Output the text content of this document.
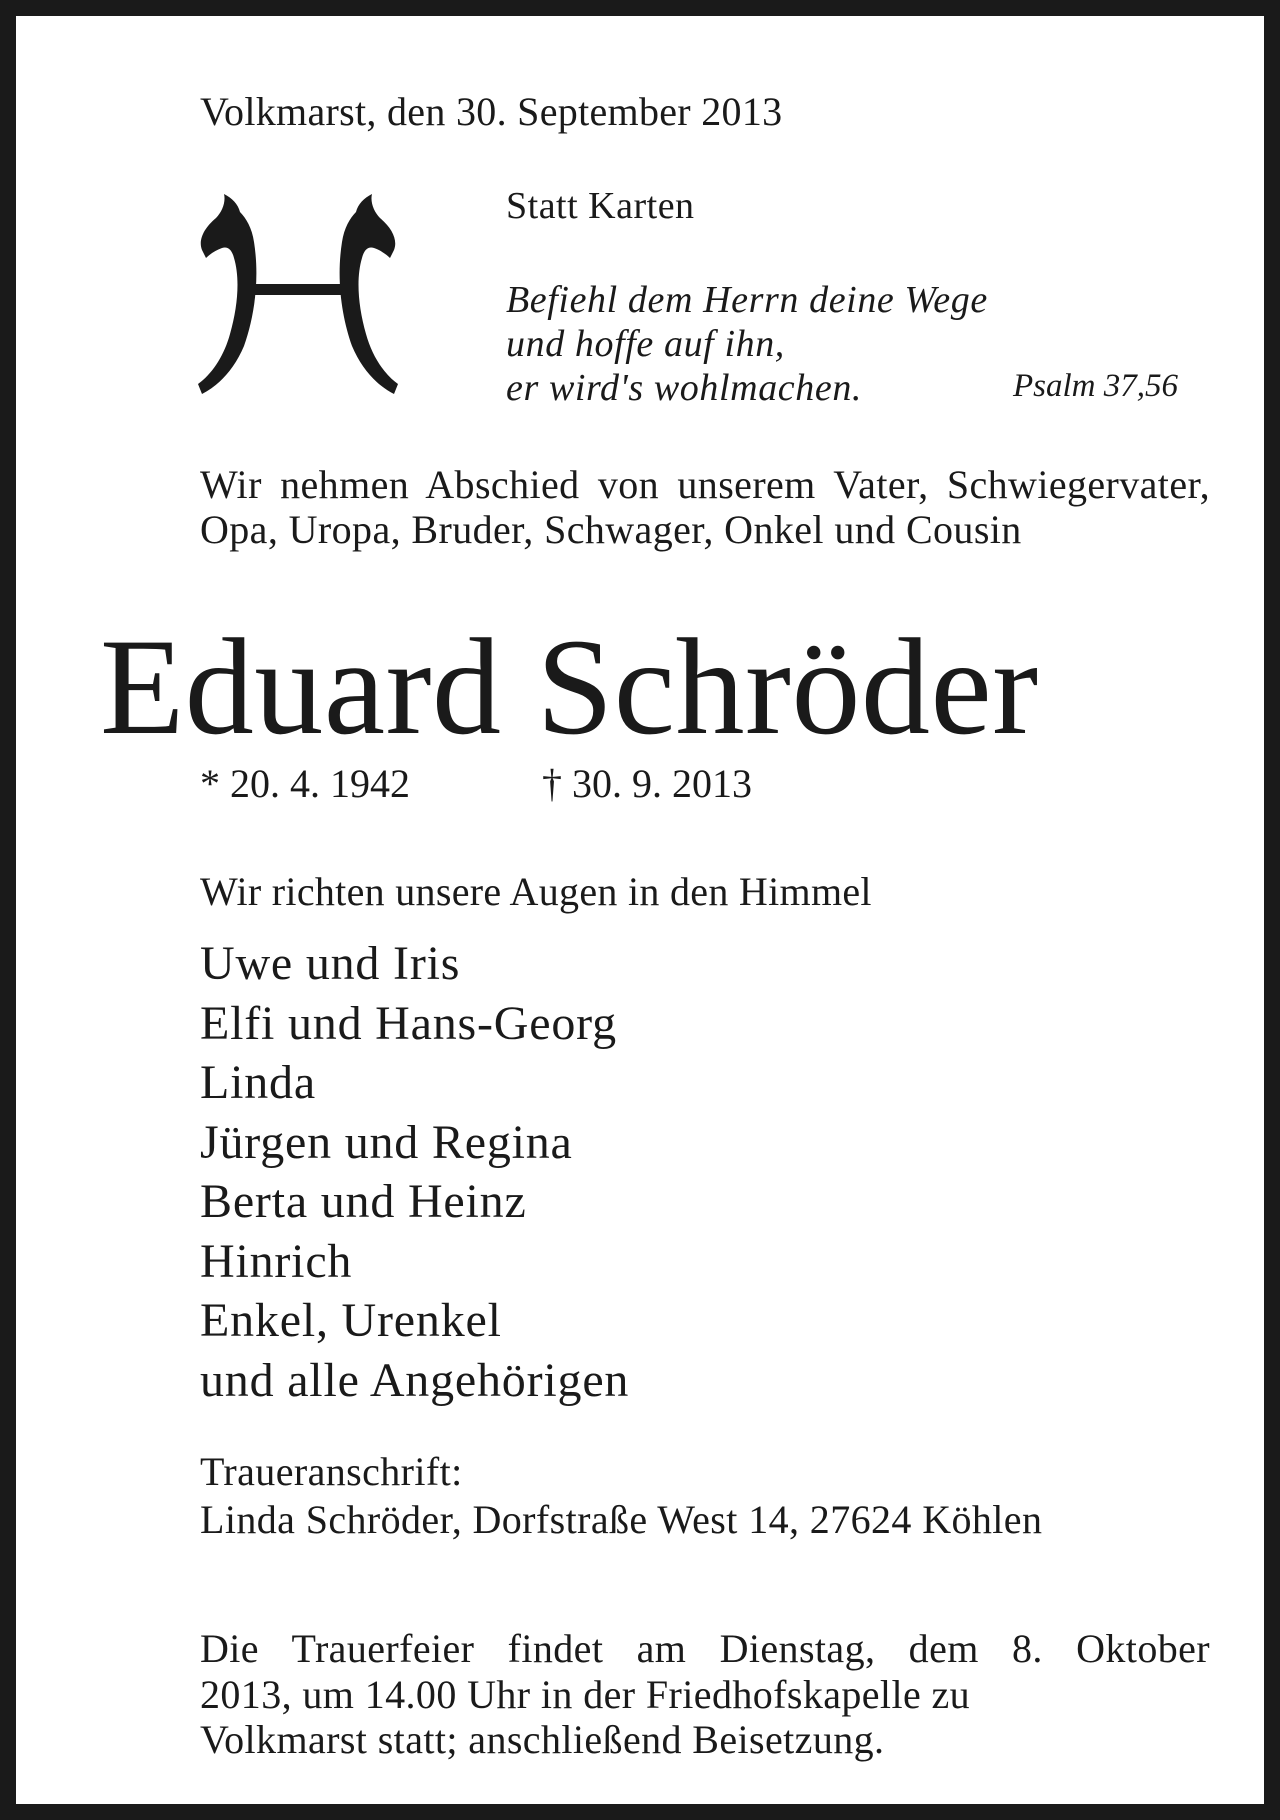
Volkmarst, den 30. September 2013

Statt Karten

Befiehl dem Herrn deine Wege
und hoffe auf ihn,
er wird's wohlmachen.	Psalm 37,56

Wir nehmen Abschied von unserem Vater, Schwiegervater, Opa, Uropa, Bruder, Schwager, Onkel und Cousin

Eduard Schröder

* 20. 4. 1942	† 30. 9. 2013

Wir richten unsere Augen in den Himmel

Uwe und Iris
Elfi und Hans-Georg
Linda
Jürgen und Regina
Berta und Heinz
Hinrich
Enkel, Urenkel
und alle Angehörigen

Traueranschrift:

Linda Schröder, Dorfstraße West 14, 27624 Köhlen

Die Trauerfeier findet am Dienstag, dem 8. Oktober
2013, um 14.00 Uhr in der Friedhofskapelle zu
Volkmarst statt; anschließend Beisetzung.
